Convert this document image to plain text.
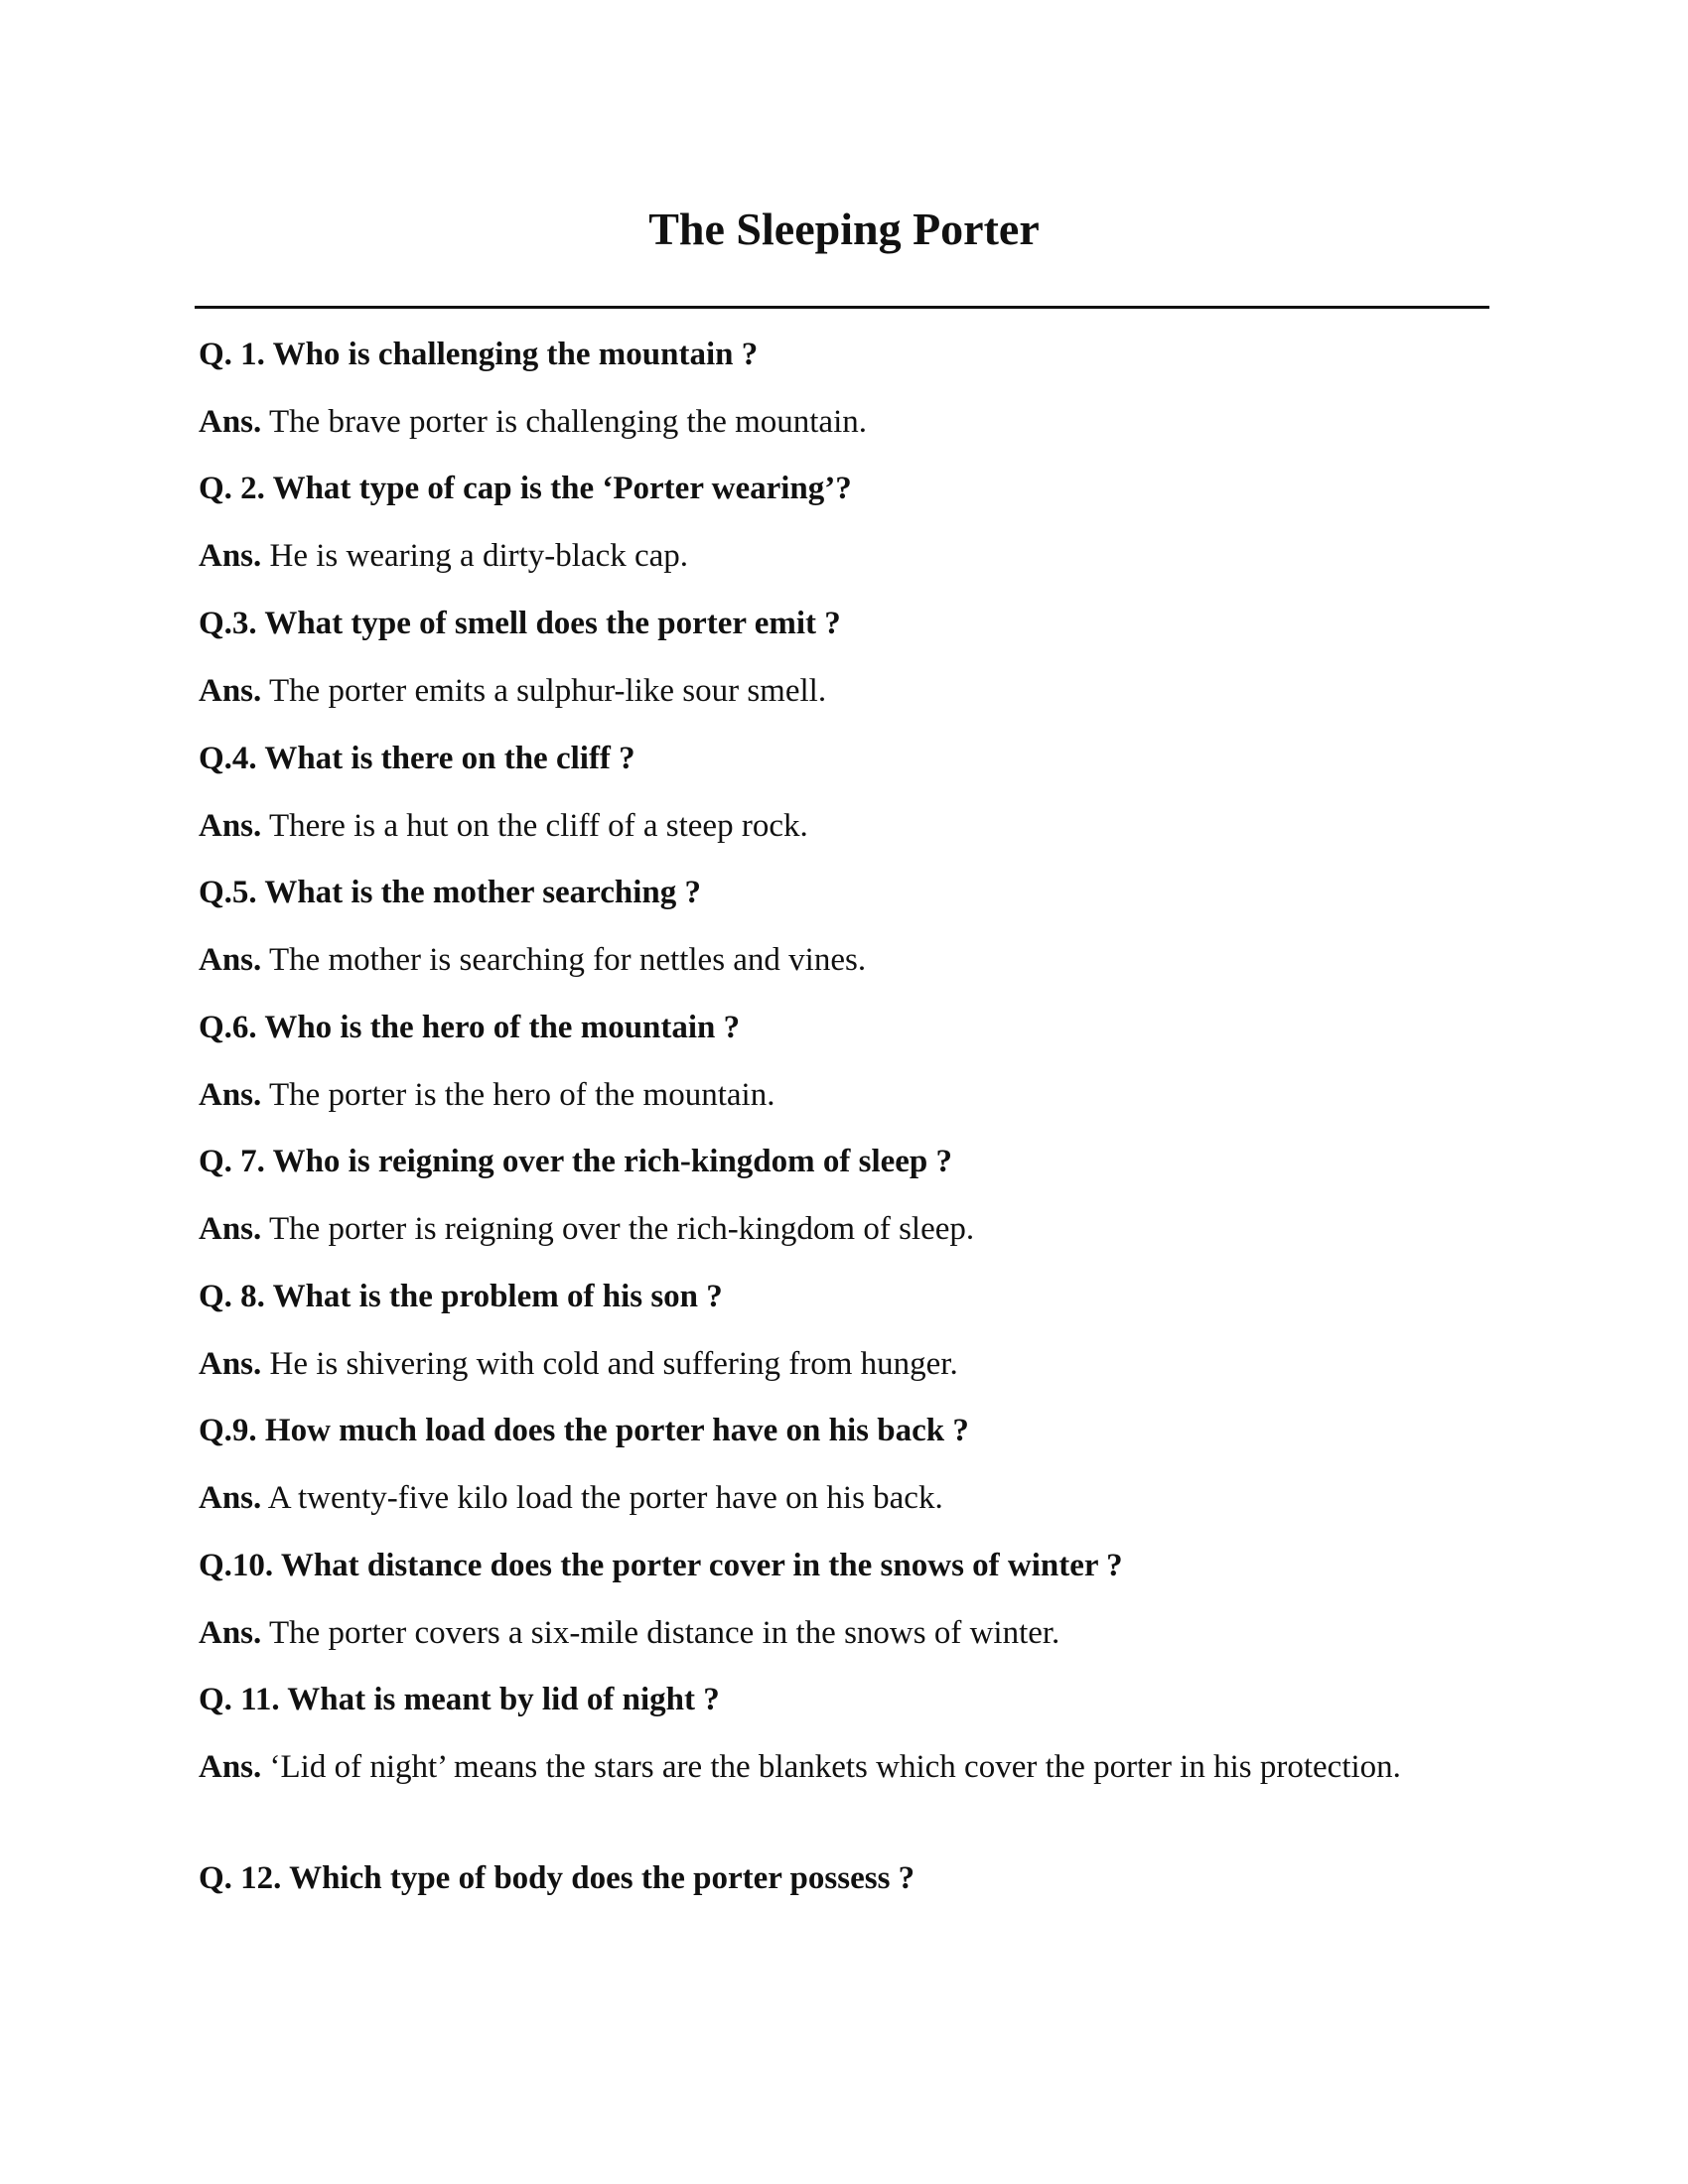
The Sleeping Porter
Q. 1. Who is challenging the mountain ?
Ans. The brave porter is challenging the mountain.
Q. 2. What type of cap is the ‘Porter wearing’?
Ans. He is wearing a dirty-black cap.
Q.3. What type of smell does the porter emit ?
Ans. The porter emits a sulphur-like sour smell.
Q.4. What is there on the cliff ?
Ans. There is a hut on the cliff of a steep rock.
Q.5. What is the mother searching ?
Ans. The mother is searching for nettles and vines.
Q.6. Who is the hero of the mountain ?
Ans. The porter is the hero of the mountain.
Q. 7. Who is reigning over the rich-kingdom of sleep ?
Ans. The porter is reigning over the rich-kingdom of sleep.
Q. 8. What is the problem of his son ?
Ans. He is shivering with cold and suffering from hunger.
Q.9. How much load does the porter have on his back ?
Ans. A twenty-five kilo load the porter have on his back.
Q.10. What distance does the porter cover in the snows of winter ?
Ans. The porter covers a six-mile distance in the snows of winter.
Q. 11. What is meant by lid of night ?
Ans. ‘Lid of night’ means the stars are the blankets which cover the porter in his protection.
Q. 12. Which type of body does the porter possess ?
